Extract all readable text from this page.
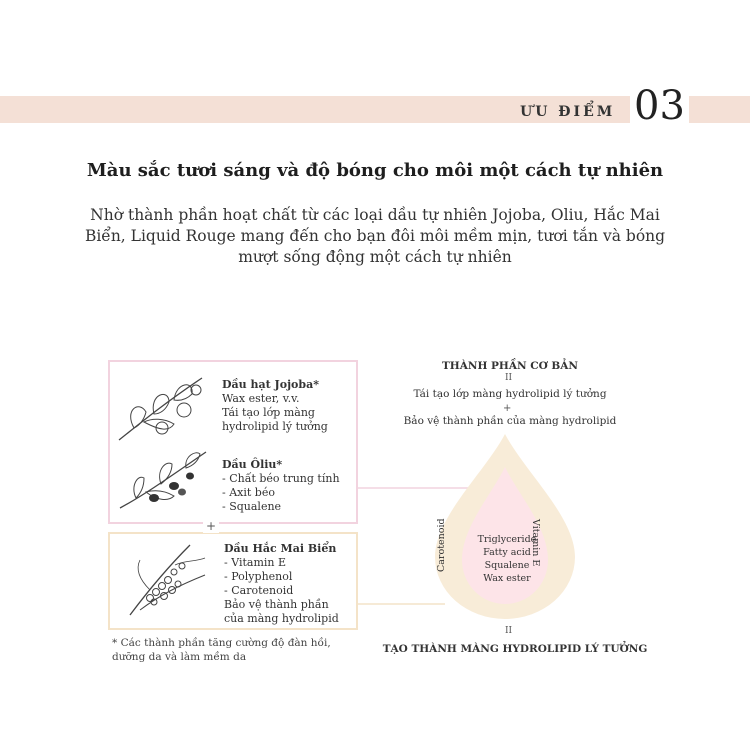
ƯU ĐIỂM 03
Màu sắc tươi sáng và độ bóng cho môi một cách tự nhiên
Nhờ thành phần hoạt chất từ các loại dầu tự nhiên Jojoba, Oliu, Hắc Mai Biển, Liquid Rouge mang đến cho bạn đôi môi mềm mịn, tươi tắn và bóng mượt sống động một cách tự nhiên
Triglyceride
Fatty acid
Squalene
Wax ester
Carotenoid	Vitamin E
+
Dầu hạt Jojoba*
Wax ester, v.v.
Tái tạo lớp màng
hydrolipid lý tưởng
Dầu Ôliu*
- Chất béo trung tính
- Axit béo
- Squalene
Dầu Hắc Mai Biển
- Vitamin E
- Polyphenol
- Carotenoid
Bảo vệ thành phần
của màng hydrolipid
* Các thành phần tăng cường độ đàn hồi, dưỡng da và làm mềm da
THÀNH PHẦN CƠ BẢN
II
Tái tạo lớp màng hydrolipid lý tưởng
+
Bảo vệ thành phần của màng hydrolipid
II
TẠO THÀNH MÀNG HYDROLIPID LÝ TƯỞNG
